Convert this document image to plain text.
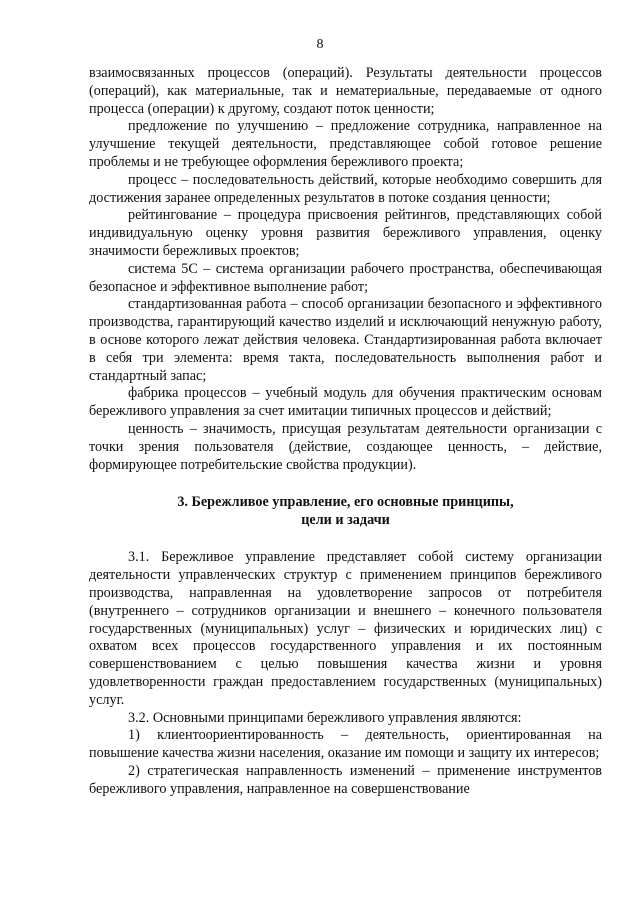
8

взаимосвязанных процессов (операций). Результаты деятельности процессов (операций), как материальные, так и нематериальные, передаваемые от одного процесса (операции) к другому, создают поток ценности;

предложение по улучшению – предложение сотрудника, направленное на улучшение текущей деятельности, представляющее собой готовое решение проблемы и не требующее оформления бережливого проекта;

процесс – последовательность действий, которые необходимо совершить для достижения заранее определенных результатов в потоке создания ценности;

рейтингование – процедура присвоения рейтингов, представляющих собой индивидуальную оценку уровня развития бережливого управления, оценку значимости бережливых проектов;

система 5С – система организации рабочего пространства, обеспечивающая безопасное и эффективное выполнение работ;

стандартизованная работа – способ организации безопасного и эффективного производства, гарантирующий качество изделий и исключающий ненужную работу, в основе которого лежат действия человека. Стандартизированная работа включает в себя три элемента: время такта, последовательность выполнения работ и стандартный запас;

фабрика процессов – учебный модуль для обучения практическим основам бережливого управления за счет имитации типичных процессов и действий;

ценность – значимость, присущая результатам деятельности организации с точки зрения пользователя (действие, создающее ценность, – действие, формирующее потребительские свойства продукции).

3. Бережливое управление, его основные принципы,
цели и задачи

3.1. Бережливое управление представляет собой систему организации деятельности управленческих структур с применением принципов бережливого производства, направленная на удовлетворение запросов от потребителя (внутреннего – сотрудников организации и внешнего – конечного пользователя государственных (муниципальных) услуг – физических и юридических лиц) с охватом всех процессов государственного управления и их постоянным совершенствованием с целью повышения качества жизни и уровня удовлетворенности граждан предоставлением государственных (муниципальных) услуг.

3.2. Основными принципами бережливого управления являются:

1) клиентоориентированность – деятельность, ориентированная на повышение качества жизни населения, оказание им помощи и защиту их интересов;

2) стратегическая направленность изменений – применение инструментов бережливого управления, направленное на совершенствование
